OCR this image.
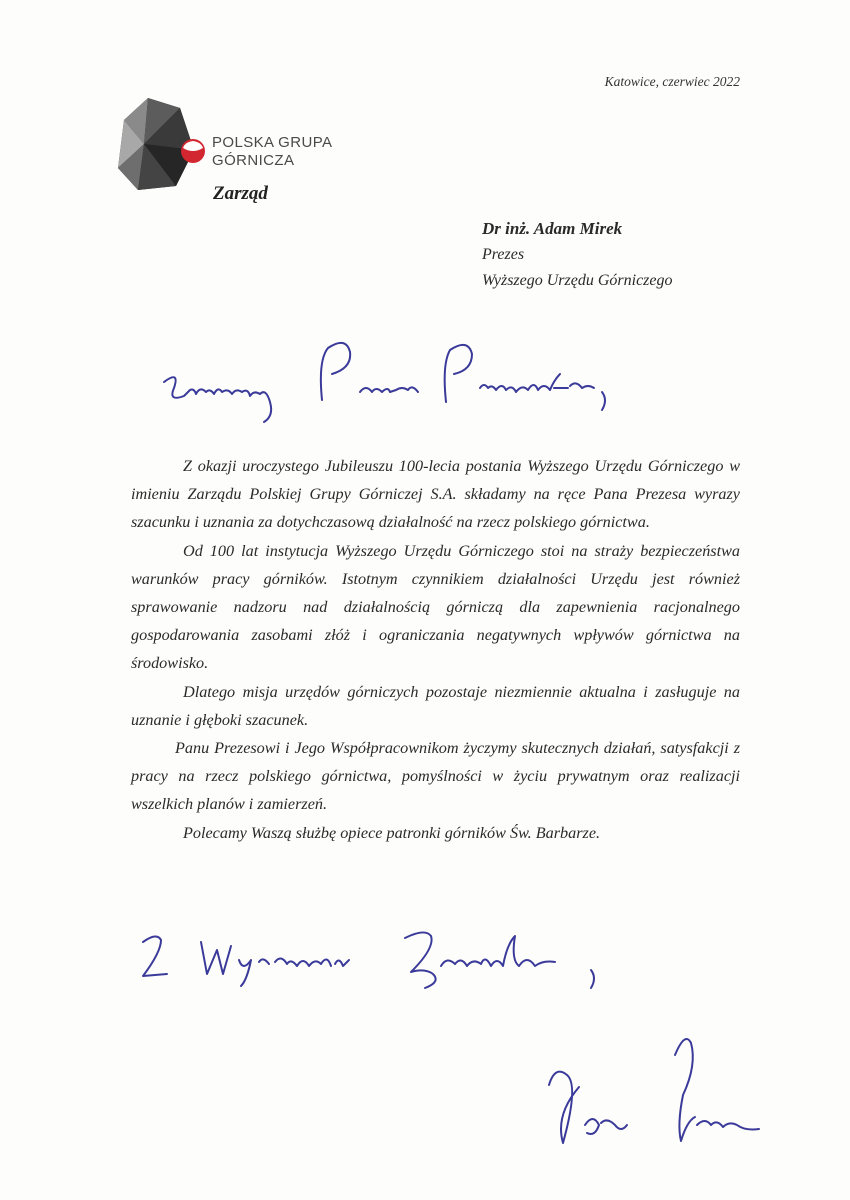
Katowice, czerwiec 2022
POLSKA GRUPA
GÓRNICZA
Zarząd
Dr inż. Adam Mirek
Prezes
Wyższego Urzędu Górniczego

Z okazji uroczystego Jubileuszu 100-lecia postania Wyższego Urzędu Górniczego w imieniu Zarządu Polskiej Grupy Górniczej S.A. składamy na ręce Pana Prezesa wyrazy szacunku i uznania za dotychczasową działalność na rzecz polskiego górnictwa.

Od 100 lat instytucja Wyższego Urzędu Górniczego stoi na straży bezpieczeństwa warunków pracy górników. Istotnym czynnikiem działalności Urzędu jest również sprawowanie nadzoru nad działalnością górniczą dla zapewnienia racjonalnego gospodarowania zasobami złóż i ograniczania negatywnych wpływów górnictwa na środowisko.

Dlatego misja urzędów górniczych pozostaje niezmiennie aktualna i zasługuje na uznanie i głęboki szacunek.

Panu Prezesowi i Jego Współpracownikom życzymy skutecznych działań, satysfakcji z pracy na rzecz polskiego górnictwa, pomyślności w życiu prywatnym oraz realizacji wszelkich planów i zamierzeń.

Polecamy Waszą służbę opiece patronki górników Św. Barbarze.
